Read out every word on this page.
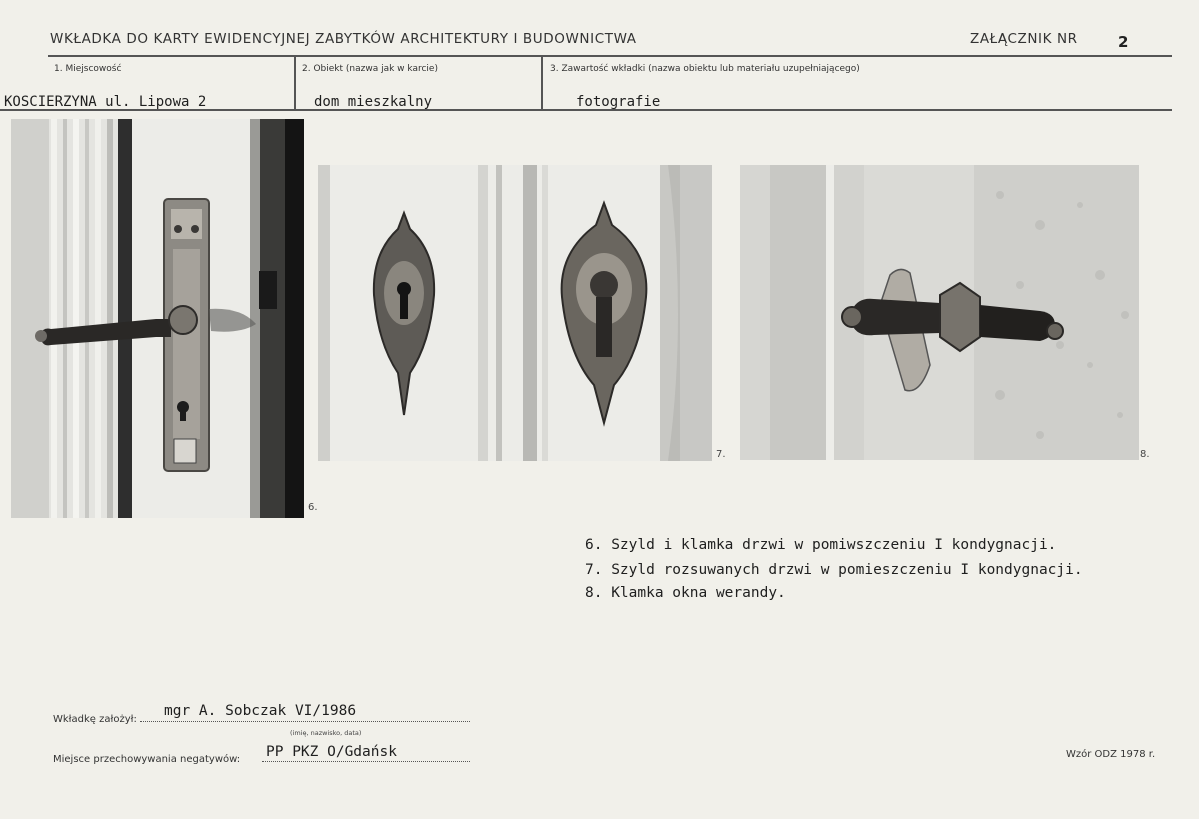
WKŁADKA DO KARTY EWIDENCYJNEJ ZABYTKÓW ARCHITEKTURY I BUDOWNICTWA	ZAŁĄCZNIK NR	2
1. Miejscowość	2. Obiekt (nazwa jak w karcie)	3. Zawartość wkładki (nazwa obiektu lub materiału uzupełniającego)
KOSCIERZYNA ul. Lipowa 2	dom mieszkalny	fotografie
6.
7.	8.
6. Szyld i klamka drzwi w pomiwszczeniu I kondygnacji.
7. Szyld rozsuwanych drzwi w pomieszczeniu I kondygnacji.
8. Klamka okna werandy.
Wkładkę założył:
mgr A. Sobczak VI/1986
(imię, nazwisko, data)
Miejsce przechowywania negatywów: PP PKZ O/Gdańsk	Wzór ODZ 1978 r.
